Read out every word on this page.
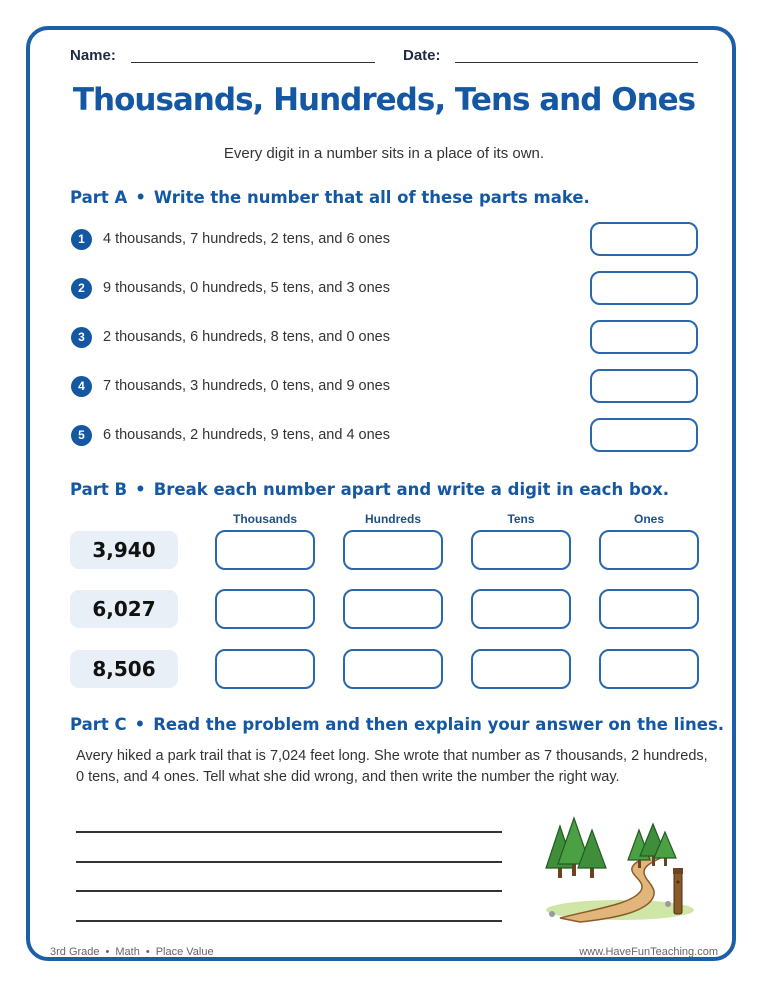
Name:	Date:
Thousands, Hundreds, Tens and Ones
Every digit in a number sits in a place of its own.
Part A • Write the number that all of these parts make.
1	4 thousands, 7 hundreds, 2 tens, and 6 ones
2	9 thousands, 0 hundreds, 5 tens, and 3 ones
3	2 thousands, 6 hundreds, 8 tens, and 0 ones
4	7 thousands, 3 hundreds, 0 tens, and 9 ones
5	6 thousands, 2 hundreds, 9 tens, and 4 ones
Part B • Break each number apart and write a digit in each box.
Thousands	Hundreds	Tens	Ones
3,940
6,027
8,506
Part C • Read the problem and then explain your answer on the lines.
Avery hiked a park trail that is 7,024 feet long. She wrote that number as 7 thousands, 2 hundreds, 0 tens, and 4 ones. Tell what she did wrong, and then write the number the right way.
3rd Grade • Math • Place Value	www.HaveFunTeaching.com
